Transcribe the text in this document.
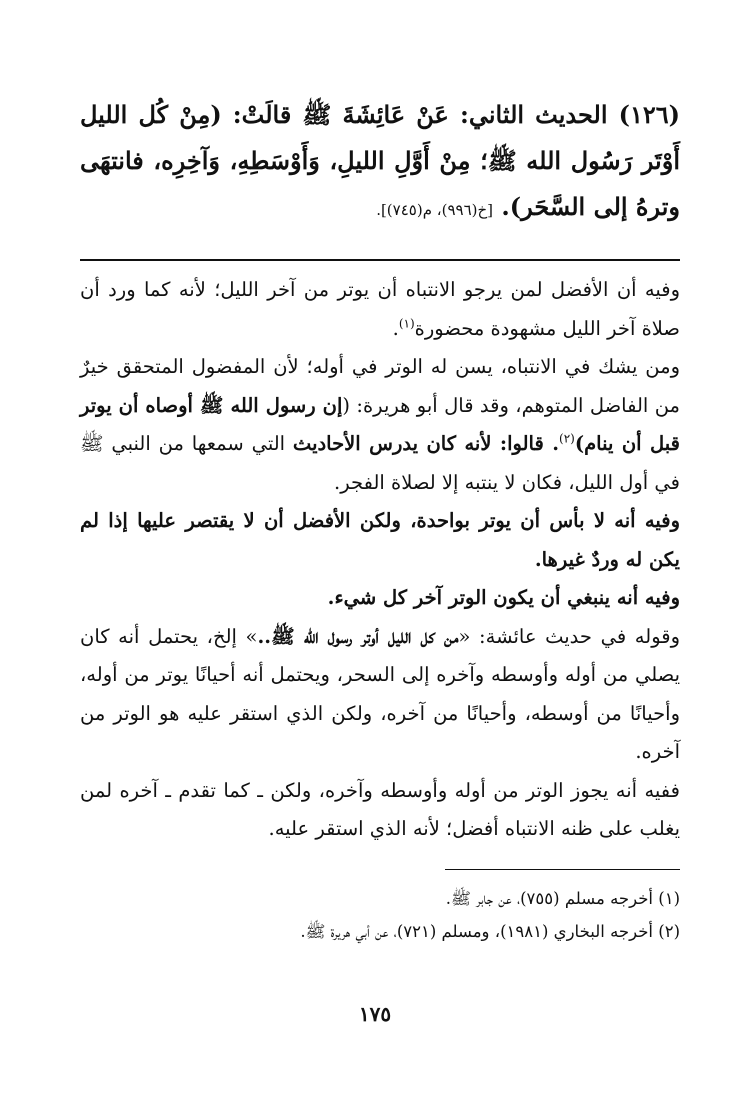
(١٢٦) الحديث الثاني: عَنْ عَائِشَةَ ﷺ قالَتْ: (مِنْ كُل الليل أَوْتَر رَسُول الله ﷺ؛ مِنْ أَوَّلِ الليلِ، وَأَوْسَطِهِ، وَآخِرِه، فانتهَى وترهُ إلى السَّحَر). [خ(٩٩٦)، م(٧٤٥)].

وفيه أن الأفضل لمن يرجو الانتباه أن يوتر من آخر الليل؛ لأنه كما ورد أن صلاة آخر الليل مشهودة محضورة$^{(١)}$.

ومن يشك في الانتباه، يسن له الوتر في أوله؛ لأن المفضول المتحقق خيرٌ من الفاضل المتوهم، وقد قال أبو هريرة: (إن رسول الله ﷺ أوصاه أن يوتر قبل أن ينام)$^{(٢)}$. قالوا: لأنه كان يدرس الأحاديث التي سمعها من النبي ﷺ في أول الليل، فكان لا ينتبه إلا لصلاة الفجر.

وفيه أنه لا بأس أن يوتر بواحدة، ولكن الأفضل أن لا يقتصر عليها إذا لم يكن له وردٌ غيرها.

وفيه أنه ينبغي أن يكون الوتر آخر كل شيء.

وقوله في حديث عائشة: «من كل الليل أوتر رسول الله ﷺ..» إلخ، يحتمل أنه كان يصلي من أوله وأوسطه وآخره إلى السحر، ويحتمل أنه أحيانًا يوتر من أوله، وأحيانًا من أوسطه، وأحيانًا من آخره، ولكن الذي استقر عليه هو الوتر من آخره.

ففيه أنه يجوز الوتر من أوله وأوسطه وآخره، ولكن ـ كما تقدم ـ آخره لمن يغلب على ظنه الانتباه أفضل؛ لأنه الذي استقر عليه.

(١) أخرجه مسلم (٧٥٥)، عن جابر ﷺ.

(٢) أخرجه البخاري (١٩٨١)، ومسلم (٧٢١)، عن أبي هريرة ﷺ.

١٧٥
